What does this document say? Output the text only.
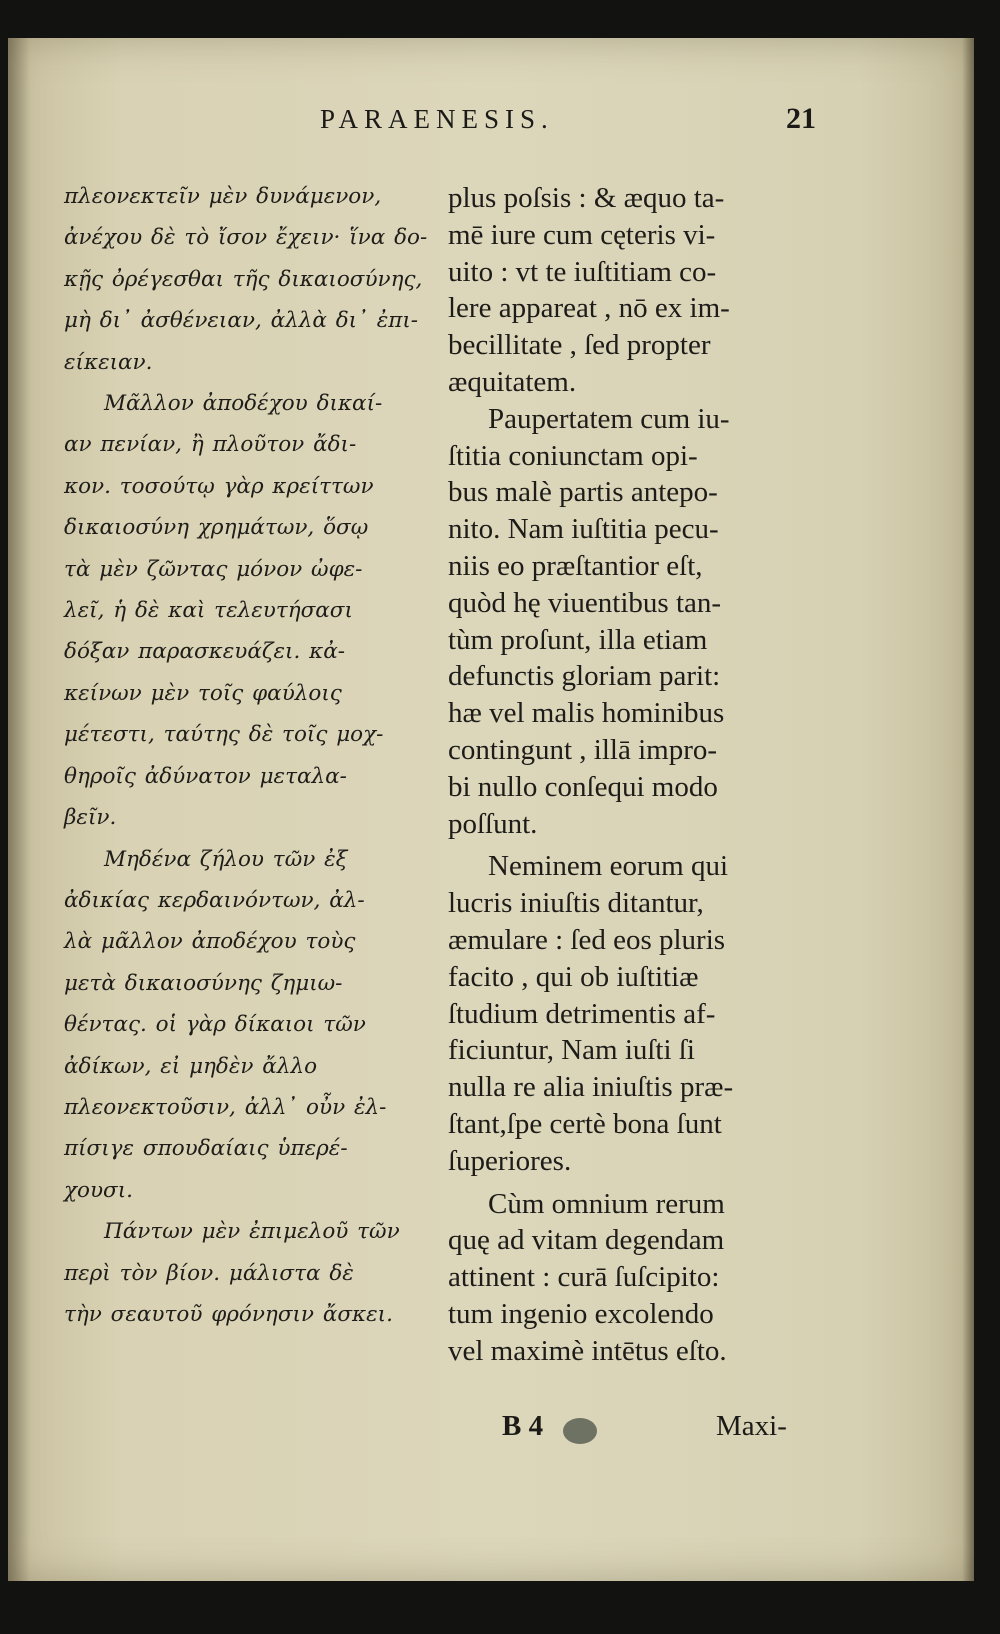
PARAENESIS.	21
πλεονεκτεῖν μὲν δυνάμενον,
ἀνέχου δὲ τὸ ἴσον ἔχειν· ἵνα δο-
κῇς ὀρέγεσθαι τῆς δικαιοσύνης,
μὴ δι᾽ ἀσθένειαν, ἀλλὰ δι᾽ ἐπι-
είκειαν.
Μᾶλλον ἀποδέχου δικαί-
αν πενίαν, ἢ πλοῦτον ἄδι-
κον. τοσούτῳ γὰρ κρείττων
δικαιοσύνη χρημάτων, ὅσῳ
τὰ μὲν ζῶντας μόνον ὠφε-
λεῖ, ἡ δὲ καὶ τελευτήσασι
δόξαν παρασκευάζει. κἀ-
κείνων μὲν τοῖς φαύλοις
μέτεστι, ταύτης δὲ τοῖς μοχ-
θηροῖς ἀδύνατον μεταλα-
βεῖν.
Μηδένα ζήλου τῶν ἐξ
ἀδικίας κερδαινόντων, ἀλ-
λὰ μᾶλλον ἀποδέχου τοὺς
μετὰ δικαιοσύνης ζημιω-
θέντας. οἱ γὰρ δίκαιοι τῶν
ἀδίκων, εἰ μηδὲν ἄλλο
πλεονεκτοῦσιν, ἀλλ᾽ οὖν ἐλ-
πίσιγε σπουδαίαις ὑπερέ-
χουσι.
Πάντων μὲν ἐπιμελοῦ τῶν
περὶ τὸν βίον. μάλιστα δὲ
τὴν σεαυτοῦ φρόνησιν ἄσκει.
plus poſsis : & æquo ta-
mē iure cum cęteris vi-
uito : vt te iuſtitiam co-
lere appareat , nō ex im-
becillitate , ſed propter
æquitatem.
Paupertatem cum iu-
ſtitia coniunctam opi-
bus malè partis antepo-
nito. Nam iuſtitia pecu-
niis eo præſtantior eſt,
quòd hę viuentibus tan-
tùm proſunt, illa etiam
defunctis gloriam parit:
hæ vel malis hominibus
contingunt , illā impro-
bi nullo conſequi modo
poſſunt.
Neminem eorum qui
lucris iniuſtis ditantur,
æmulare : ſed eos pluris
facito , qui ob iuſtitiæ
ſtudium detrimentis af-
ficiuntur, Nam iuſti ſi
nulla re alia iniuſtis præ-
ſtant,ſpe certè bona ſunt
ſuperiores.
Cùm omnium rerum
quę ad vitam degendam
attinent : curā ſuſcipito:
tum ingenio excolendo
vel maximè intētus eſto.
B 4	Maxi-
